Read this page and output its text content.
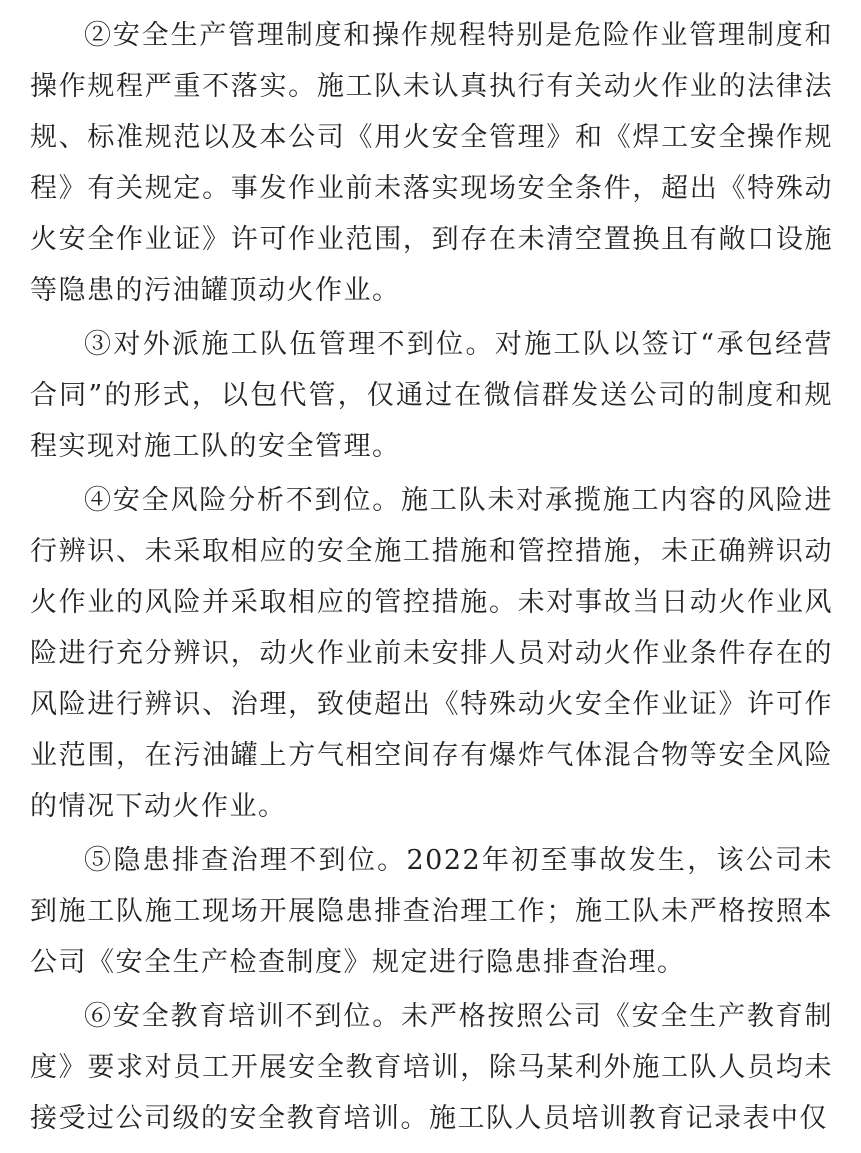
②安全生产管理制度和操作规程特别是危险作业管理制度和操作规程严重不落实。施工队未认真执行有关动火作业的法律法规、标准规范以及本公司《用火安全管理》和《焊工安全操作规程》有关规定。事发作业前未落实现场安全条件，超出《特殊动火安全作业证》许可作业范围，到存在未清空置换且有敞口设施等隐患的污油罐顶动火作业。

③对外派施工队伍管理不到位。对施工队以签订“承包经营合同”的形式，以包代管，仅通过在微信群发送公司的制度和规程实现对施工队的安全管理。

④安全风险分析不到位。施工队未对承揽施工内容的风险进行辨识、未采取相应的安全施工措施和管控措施，未正确辨识动火作业的风险并采取相应的管控措施。未对事故当日动火作业风险进行充分辨识，动火作业前未安排人员对动火作业条件存在的风险进行辨识、治理，致使超出《特殊动火安全作业证》许可作业范围，在污油罐上方气相空间存有爆炸气体混合物等安全风险的情况下动火作业。

⑤隐患排查治理不到位。2022年初至事故发生，该公司未到施工队施工现场开展隐患排查治理工作；施工队未严格按照本公司《安全生产检查制度》规定进行隐患排查治理。

⑥安全教育培训不到位。未严格按照公司《安全生产教育制度》要求对员工开展安全教育培训，除马某利外施工队人员均未接受过公司级的安全教育培训。施工队人员培训教育记录表中仅
